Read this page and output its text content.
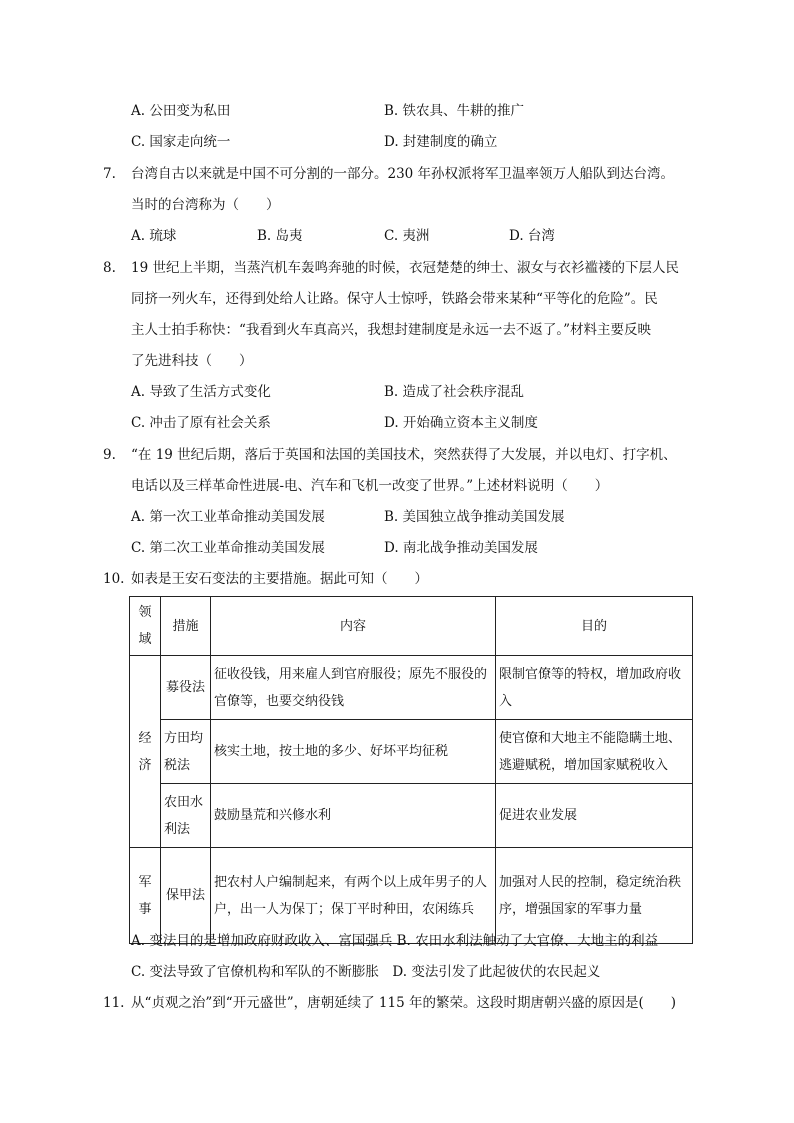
A. 公田变为私田	B. 铁农具、牛耕的推广
C. 国家走向统一	D. 封建制度的确立
7. 台湾自古以来就是中国不可分割的一部分。230 年孙权派将军卫温率领万人船队到达台湾。
当时的台湾称为（　　）
A. 琉球	B. 岛夷	C. 夷洲	D. 台湾
8. 19 世纪上半期，当蒸汽机车轰鸣奔驰的时候，衣冠楚楚的绅士、淑女与衣衫褴褛的下层人民
同挤一列火车，还得到处给人让路。保守人士惊呼，铁路会带来某种“平等化的危险”。民
主人士拍手称快：“我看到火车真高兴，我想封建制度是永远一去不返了。”材料主要反映
了先进科技（　　）
A. 导致了生活方式变化	B. 造成了社会秩序混乱
C. 冲击了原有社会关系	D. 开始确立资本主义制度
9. “在 19 世纪后期，落后于英国和法国的美国技术，突然获得了大发展，并以电灯、打字机、
电话以及三样革命性进展-电、汽车和飞机一改变了世界。”上述材料说明（　　）
A. 第一次工业革命推动美国发展	B. 美国独立战争推动美国发展
C. 第二次工业革命推动美国发展	D. 南北战争推动美国发展
10. 如表是王安石变法的主要措施。据此可知（　　）
领域	措施	内容	目的
经济	募役法	征收役钱，用来雇人到官府服役；原先不服役的官僚等，也要交纳役钱	限制官僚等的特权，增加政府收入
	方田均税法	核实土地，按土地的多少、好坏平均征税	使官僚和大地主不能隐瞒土地、逃避赋税，增加国家赋税收入
	农田水利法	鼓励垦荒和兴修水利	促进农业发展
军事	保甲法	把农村人户编制起来，有两个以上成年男子的人户，出一人为保丁；保丁平时种田，农闲练兵	加强对人民的控制，稳定统治秩序，增强国家的军事力量
A. 变法目的是增加政府财政收入、富国强兵 B. 农田水利法触动了大官僚、大地主的利益
C. 变法导致了官僚机构和军队的不断膨胀　D. 变法引发了此起彼伏的农民起义
11. 从“贞观之治”到“开元盛世”，唐朝延续了 115 年的繁荣。这段时期唐朝兴盛的原因是(　　)
